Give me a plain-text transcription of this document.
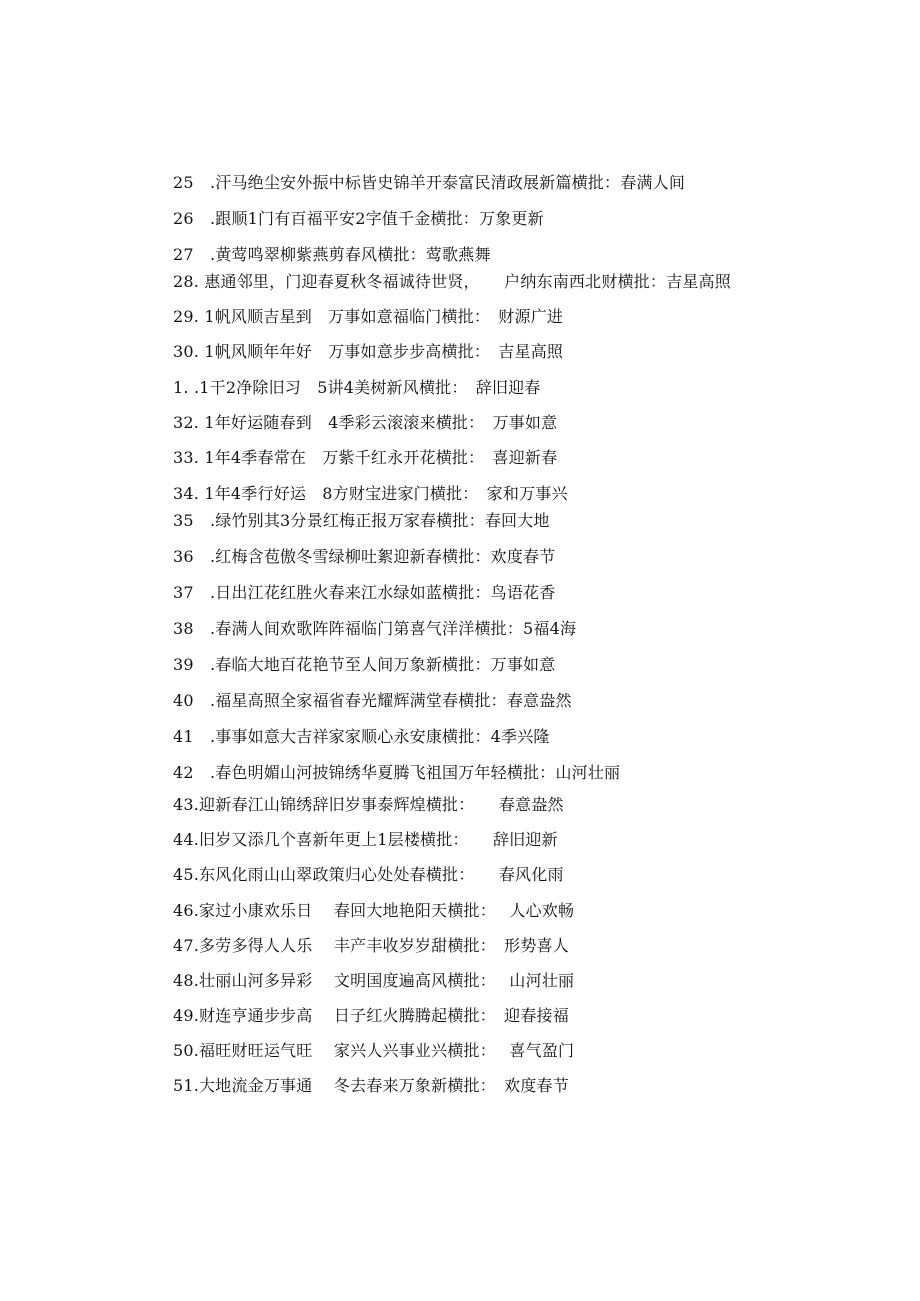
25　.汗马绝尘安外振中标皆史锦羊开泰富民清政展新篇横批：春满人间
26　.跟顺1门有百福平安2字值千金横批：万象更新
27　.黄莺鸣翠柳紫燕剪春风横批：莺歌燕舞
28. 惠通邻里，门迎春夏秋冬福诚待世贤，　　户纳东南西北财横批：吉星高照
29. 1帆风顺吉星到　万事如意福临门横批：　财源广进
30. 1帆风顺年年好　万事如意步步高横批：　吉星高照
1. .1干2净除旧习　5讲4美树新风横批：　辞旧迎春
32. 1年好运随春到　4季彩云滚滚来横批：　万事如意
33. 1年4季春常在　万紫千红永开花横批：　喜迎新春
34. 1年4季行好运　8方财宝进家门横批：　家和万事兴
35　.绿竹别其3分景红梅正报万家春横批：春回大地
36　.红梅含苞傲冬雪绿柳吐絮迎新春横批：欢度春节
37　.日出江花红胜火春来江水绿如蓝横批：鸟语花香
38　.春满人间欢歌阵阵福临门第喜气洋洋横批：5福4海
39　.春临大地百花艳节至人间万象新横批：万事如意
40　.福星高照全家福省春光耀辉满堂春横批：春意盎然
41　.事事如意大吉祥家家顺心永安康横批：4季兴隆
42　.春色明媚山河披锦绣华夏腾飞祖国万年轻横批：山河壮丽
43.迎新春江山锦绣辞旧岁事泰辉煌横批：　　春意盎然
44.旧岁又添几个喜新年更上1层楼横批：　　辞旧迎新
45.东风化雨山山翠政策归心处处春横批：　　春风化雨
46.家过小康欢乐日　 春回大地艳阳天横批：　 人心欢畅
47.多劳多得人人乐　 丰产丰收岁岁甜横批：　形势喜人
48.壮丽山河多异彩　 文明国度遍高风横批：　 山河壮丽
49.财连亨通步步高　 日子红火腾腾起横批：　迎春接福
50.福旺财旺运气旺　 家兴人兴事业兴横批：　 喜气盈门
51.大地流金万事通　 冬去春来万象新横批：　欢度春节
